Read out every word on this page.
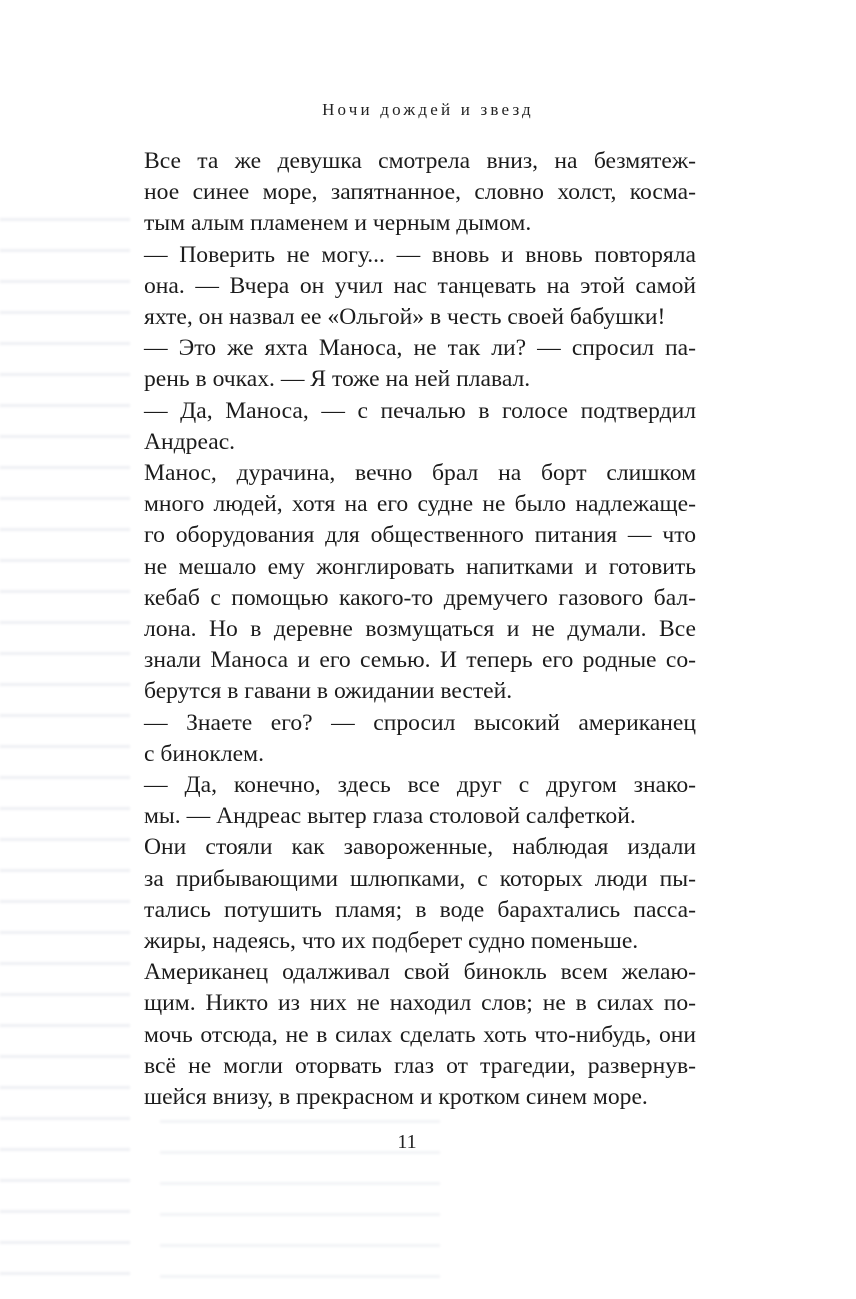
Ночи дождей и звезд

Все та же девушка смотрела вниз, на безмятеж-
ное синее море, запятнанное, словно холст, косма-
тым алым пламенем и черным дымом.

— Поверить не могу... — вновь и вновь повторяла
она. — Вчера он учил нас танцевать на этой самой
яхте, он назвал ее «Ольгой» в честь своей бабушки!

— Это же яхта Маноса, не так ли? — спросил па-
рень в очках. — Я тоже на ней плавал.

— Да, Маноса, — с печалью в голосе подтвердил
Андреас.

Манос, дурачина, вечно брал на борт слишком
много людей, хотя на его судне не было надлежаще-
го оборудования для общественного питания — что
не мешало ему жонглировать напитками и готовить
кебаб с помощью какого-то дремучего газового бал-
лона. Но в деревне возмущаться и не думали. Все
знали Маноса и его семью. И теперь его родные со-
берутся в гавани в ожидании вестей.

— Знаете его? — спросил высокий американец
с биноклем.

— Да, конечно, здесь все друг с другом знако-
мы. — Андреас вытер глаза столовой салфеткой.

Они стояли как завороженные, наблюдая издали
за прибывающими шлюпками, с которых люди пы-
тались потушить пламя; в воде барахтались пасса-
жиры, надеясь, что их подберет судно поменьше.

Американец одалживал свой бинокль всем желаю-
щим. Никто из них не находил слов; не в силах по-
мочь отсюда, не в силах сделать хоть что-нибудь, они
всё не могли оторвать глаз от трагедии, развернув-
шейся внизу, в прекрасном и кротком синем море.

11
